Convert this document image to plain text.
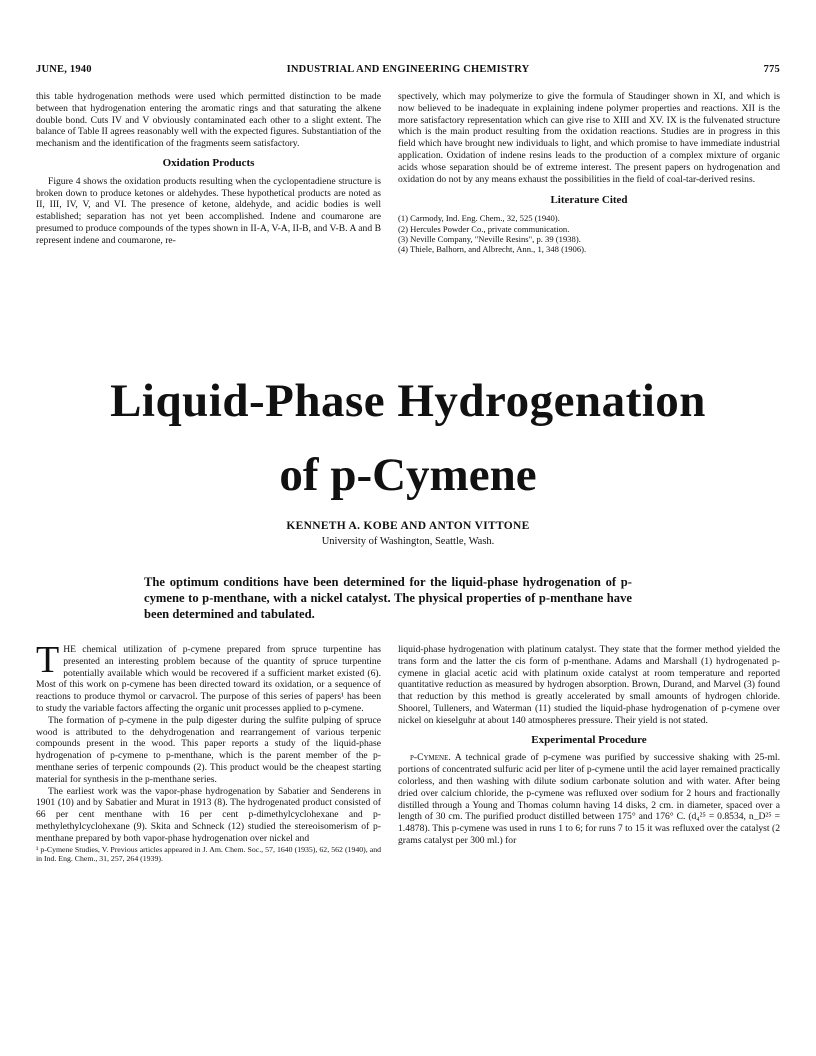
JUNE, 1940	INDUSTRIAL AND ENGINEERING CHEMISTRY	775

this table hydrogenation methods were used which permitted distinction to be made between that hydrogenation entering the aromatic rings and that saturating the alkene double bond. Cuts IV and V obviously contaminated each other to a slight extent. The balance of Table II agrees reasonably well with the expected figures. Substantiation of the mechanism and the identification of the fragments seem satisfactory.

Oxidation Products

Figure 4 shows the oxidation products resulting when the cyclopentadiene structure is broken down to produce ketones or aldehydes. These hypothetical products are noted as II, III, IV, V, and VI. The presence of ketone, aldehyde, and acidic bodies is well established; separation has not yet been accomplished. Indene and coumarone are presumed to produce compounds of the types shown in II-A, V-A, II-B, and V-B. A and B represent indene and coumarone, re-

spectively, which may polymerize to give the formula of Staudinger shown in XI, and which is now believed to be inadequate in explaining indene polymer properties and reactions. XII is the more satisfactory representation which can give rise to XIII and XV. IX is the fulvenated structure which is the main product resulting from the oxidation reactions. Studies are in progress in this field which have brought new individuals to light, and which promise to have immediate industrial application. Oxidation of indene resins leads to the production of a complex mixture of organic acids whose separation should be of extreme interest. The present papers on hydrogenation and oxidation do not by any means exhaust the possibilities in the field of coal-tar-derived resins.

Literature Cited
(1) Carmody, Ind. Eng. Chem., 32, 525 (1940).
(2) Hercules Powder Co., private communication.
(3) Neville Company, "Neville Resins", p. 39 (1938).
(4) Thiele, Balhorn, and Albrecht, Ann., 1, 348 (1906).
Liquid-Phase Hydrogenation
of p-Cymene
KENNETH A. KOBE AND ANTON VITTONE
University of Washington, Seattle, Wash.
The optimum conditions have been determined for the liquid-phase hydrogenation of p-cymene to p-menthane, with a nickel catalyst. The physical properties of p-menthane have been determined and tabulated.

THE chemical utilization of p-cymene prepared from spruce turpentine has presented an interesting problem because of the quantity of spruce turpentine potentially available which would be recovered if a sufficient market existed (6). Most of this work on p-cymene has been directed toward its oxidation, or a sequence of reactions to produce thymol or carvacrol. The purpose of this series of papers¹ has been to study the variable factors affecting the organic unit processes applied to p-cymene.

The formation of p-cymene in the pulp digester during the sulfite pulping of spruce wood is attributed to the dehydrogenation and rearrangement of various terpenic compounds present in the wood. This paper reports a study of the liquid-phase hydrogenation of p-cymene to p-menthane, which is the parent member of the p-menthane series of terpenic compounds (2). This product would be the cheapest starting material for synthesis in the p-menthane series.

The earliest work was the vapor-phase hydrogenation by Sabatier and Senderens in 1901 (10) and by Sabatier and Murat in 1913 (8). The hydrogenated product consisted of 66 per cent menthane with 16 per cent p-dimethylcyclohexane and p-methylethylcyclohexane (9). Skita and Schneck (12) studied the stereoisomerism of p-menthane prepared by both vapor-phase hydrogenation over nickel and

¹ p-Cymene Studies, V. Previous articles appeared in J. Am. Chem. Soc., 57, 1640 (1935), 62, 562 (1940), and in Ind. Eng. Chem., 31, 257, 264 (1939).

liquid-phase hydrogenation with platinum catalyst. They state that the former method yielded the trans form and the latter the cis form of p-menthane. Adams and Marshall (1) hydrogenated p-cymene in glacial acetic acid with platinum oxide catalyst at room temperature and reported quantitative reduction as measured by hydrogen absorption. Brown, Durand, and Marvel (3) found that reduction by this method is greatly accelerated by small amounts of hydrogen chloride. Shoorel, Tulleners, and Waterman (11) studied the liquid-phase hydrogenation of p-cymene over nickel on kieselguhr at about 140 atmospheres pressure. Their yield is not stated.

Experimental Procedure

p-Cymene. A technical grade of p-cymene was purified by successive shaking with 25-ml. portions of concentrated sulfuric acid per liter of p-cymene until the acid layer remained practically colorless, and then washing with dilute sodium carbonate solution and with water. After being dried over calcium chloride, the p-cymene was refluxed over sodium for 2 hours and fractionally distilled through a Young and Thomas column having 14 disks, 2 cm. in diameter, spaced over a length of 30 cm. The purified product distilled between 175° and 176° C. (d₄²⁵ = 0.8534, n_D²⁵ = 1.4878). This p-cymene was used in runs 1 to 6; for runs 7 to 15 it was refluxed over the catalyst (2 grams catalyst per 300 ml.) for
